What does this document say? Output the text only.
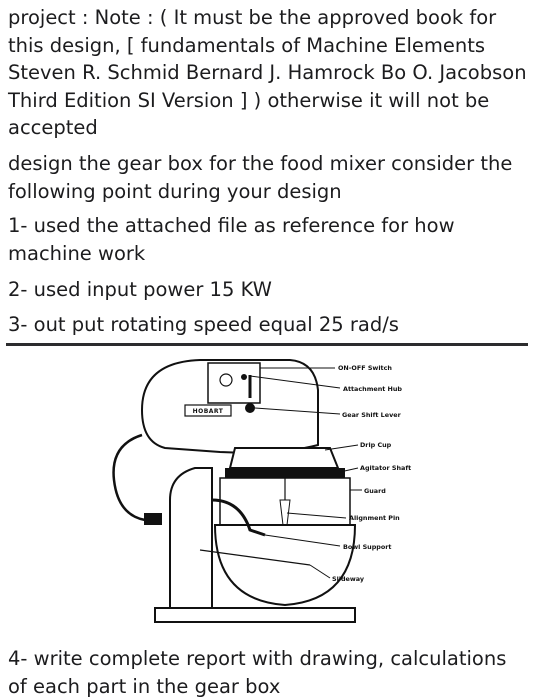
project : Note : ( It must be the approved book for this design, [ fundamentals of Machine Elements Steven R. Schmid Bernard J. Hamrock Bo O. Jacobson Third Edition SI Version ] ) otherwise it will not be accepted
design the gear box for the food mixer consider the following point during your design
1- used the attached file as reference for how machine work
2- used input power 15 KW
3- out put rotating speed equal 25 rad/s
HOBART
ON-OFF Switch
Attachment Hub
Gear Shift Lever
Drip Cup
Agitator Shaft
Guard
Alignment Pin
Bowl Support
Slideway
4- write complete report with drawing, calculations of each part in the gear box
